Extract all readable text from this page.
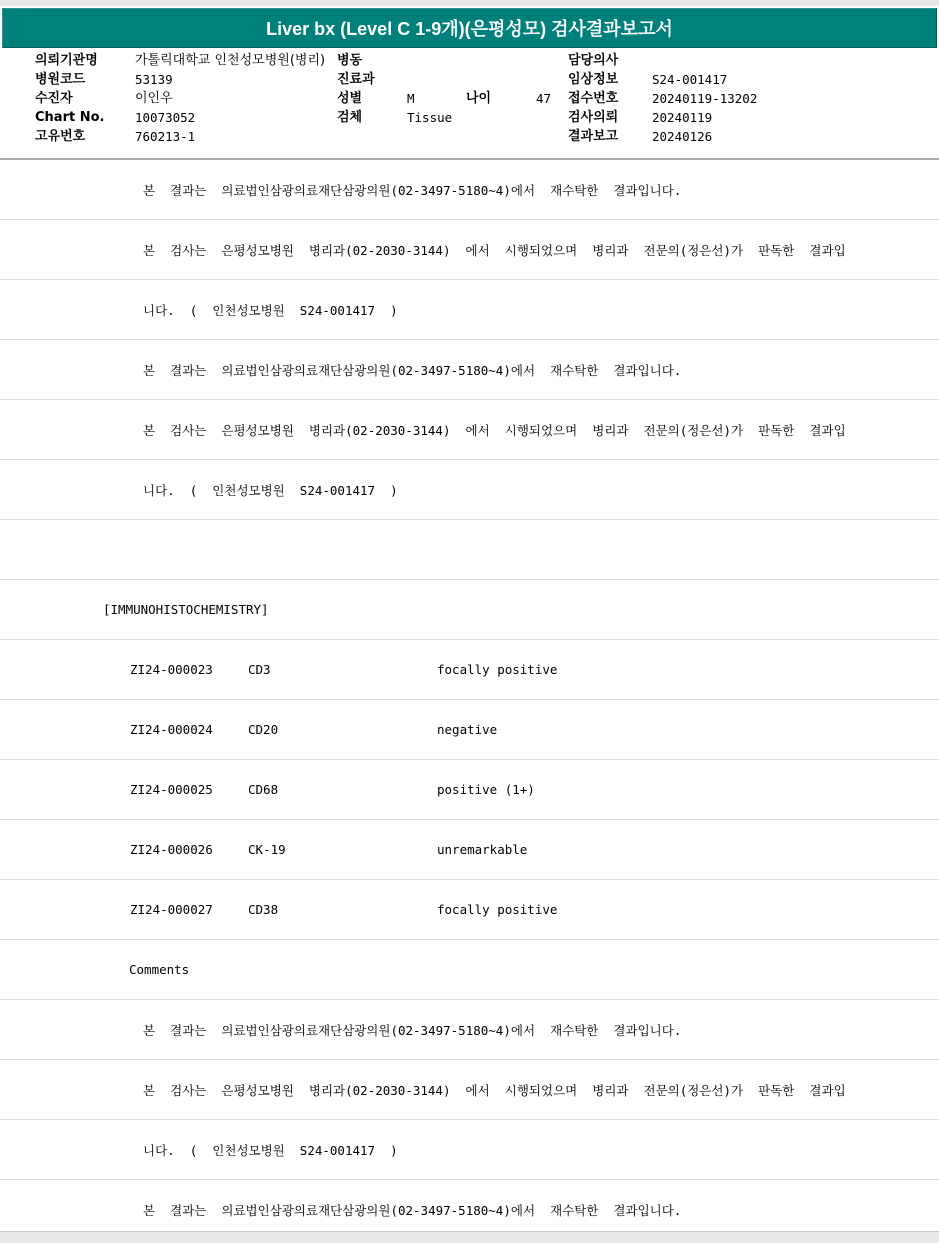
Liver bx (Level C 1-9개)(은평성모) 검사결과보고서
의뢰기관명	가톨릭대학교 인천성모병원(병리)
병원코드	53139
수진자	이인우
Chart No. 10073052
고유번호	760213-1
병동
진료과
성별	M	나이	47
검체	Tissue
담당의사
임상정보	S24-001417
접수번호	20240119-13202
검사의뢰	20240119
결과보고	20240126
본  결과는  의료법인삼광의료재단삼광의원(02-3497-5180~4)에서  재수탁한  결과입니다.
본  검사는  은평성모병원  병리과(02-2030-3144)  에서  시행되었으며  병리과  전문의(정은선)가  판독한  결과입
니다.  (  인천성모병원  S24-001417  )
본  결과는  의료법인삼광의료재단삼광의원(02-3497-5180~4)에서  재수탁한  결과입니다.
본  검사는  은평성모병원  병리과(02-2030-3144)  에서  시행되었으며  병리과  전문의(정은선)가  판독한  결과입
니다.  (  인천성모병원  S24-001417  )
[IMMUNOHISTOCHEMISTRY]
ZI24-000023	CD3	focally positive
ZI24-000024	CD20	negative
ZI24-000025	CD68	positive (1+)
ZI24-000026	CK-19	unremarkable
ZI24-000027	CD38	focally positive
Comments
본  결과는  의료법인삼광의료재단삼광의원(02-3497-5180~4)에서  재수탁한  결과입니다.
본  검사는  은평성모병원  병리과(02-2030-3144)  에서  시행되었으며  병리과  전문의(정은선)가  판독한  결과입
니다.  (  인천성모병원  S24-001417  )
본  결과는  의료법인삼광의료재단삼광의원(02-3497-5180~4)에서  재수탁한  결과입니다.
